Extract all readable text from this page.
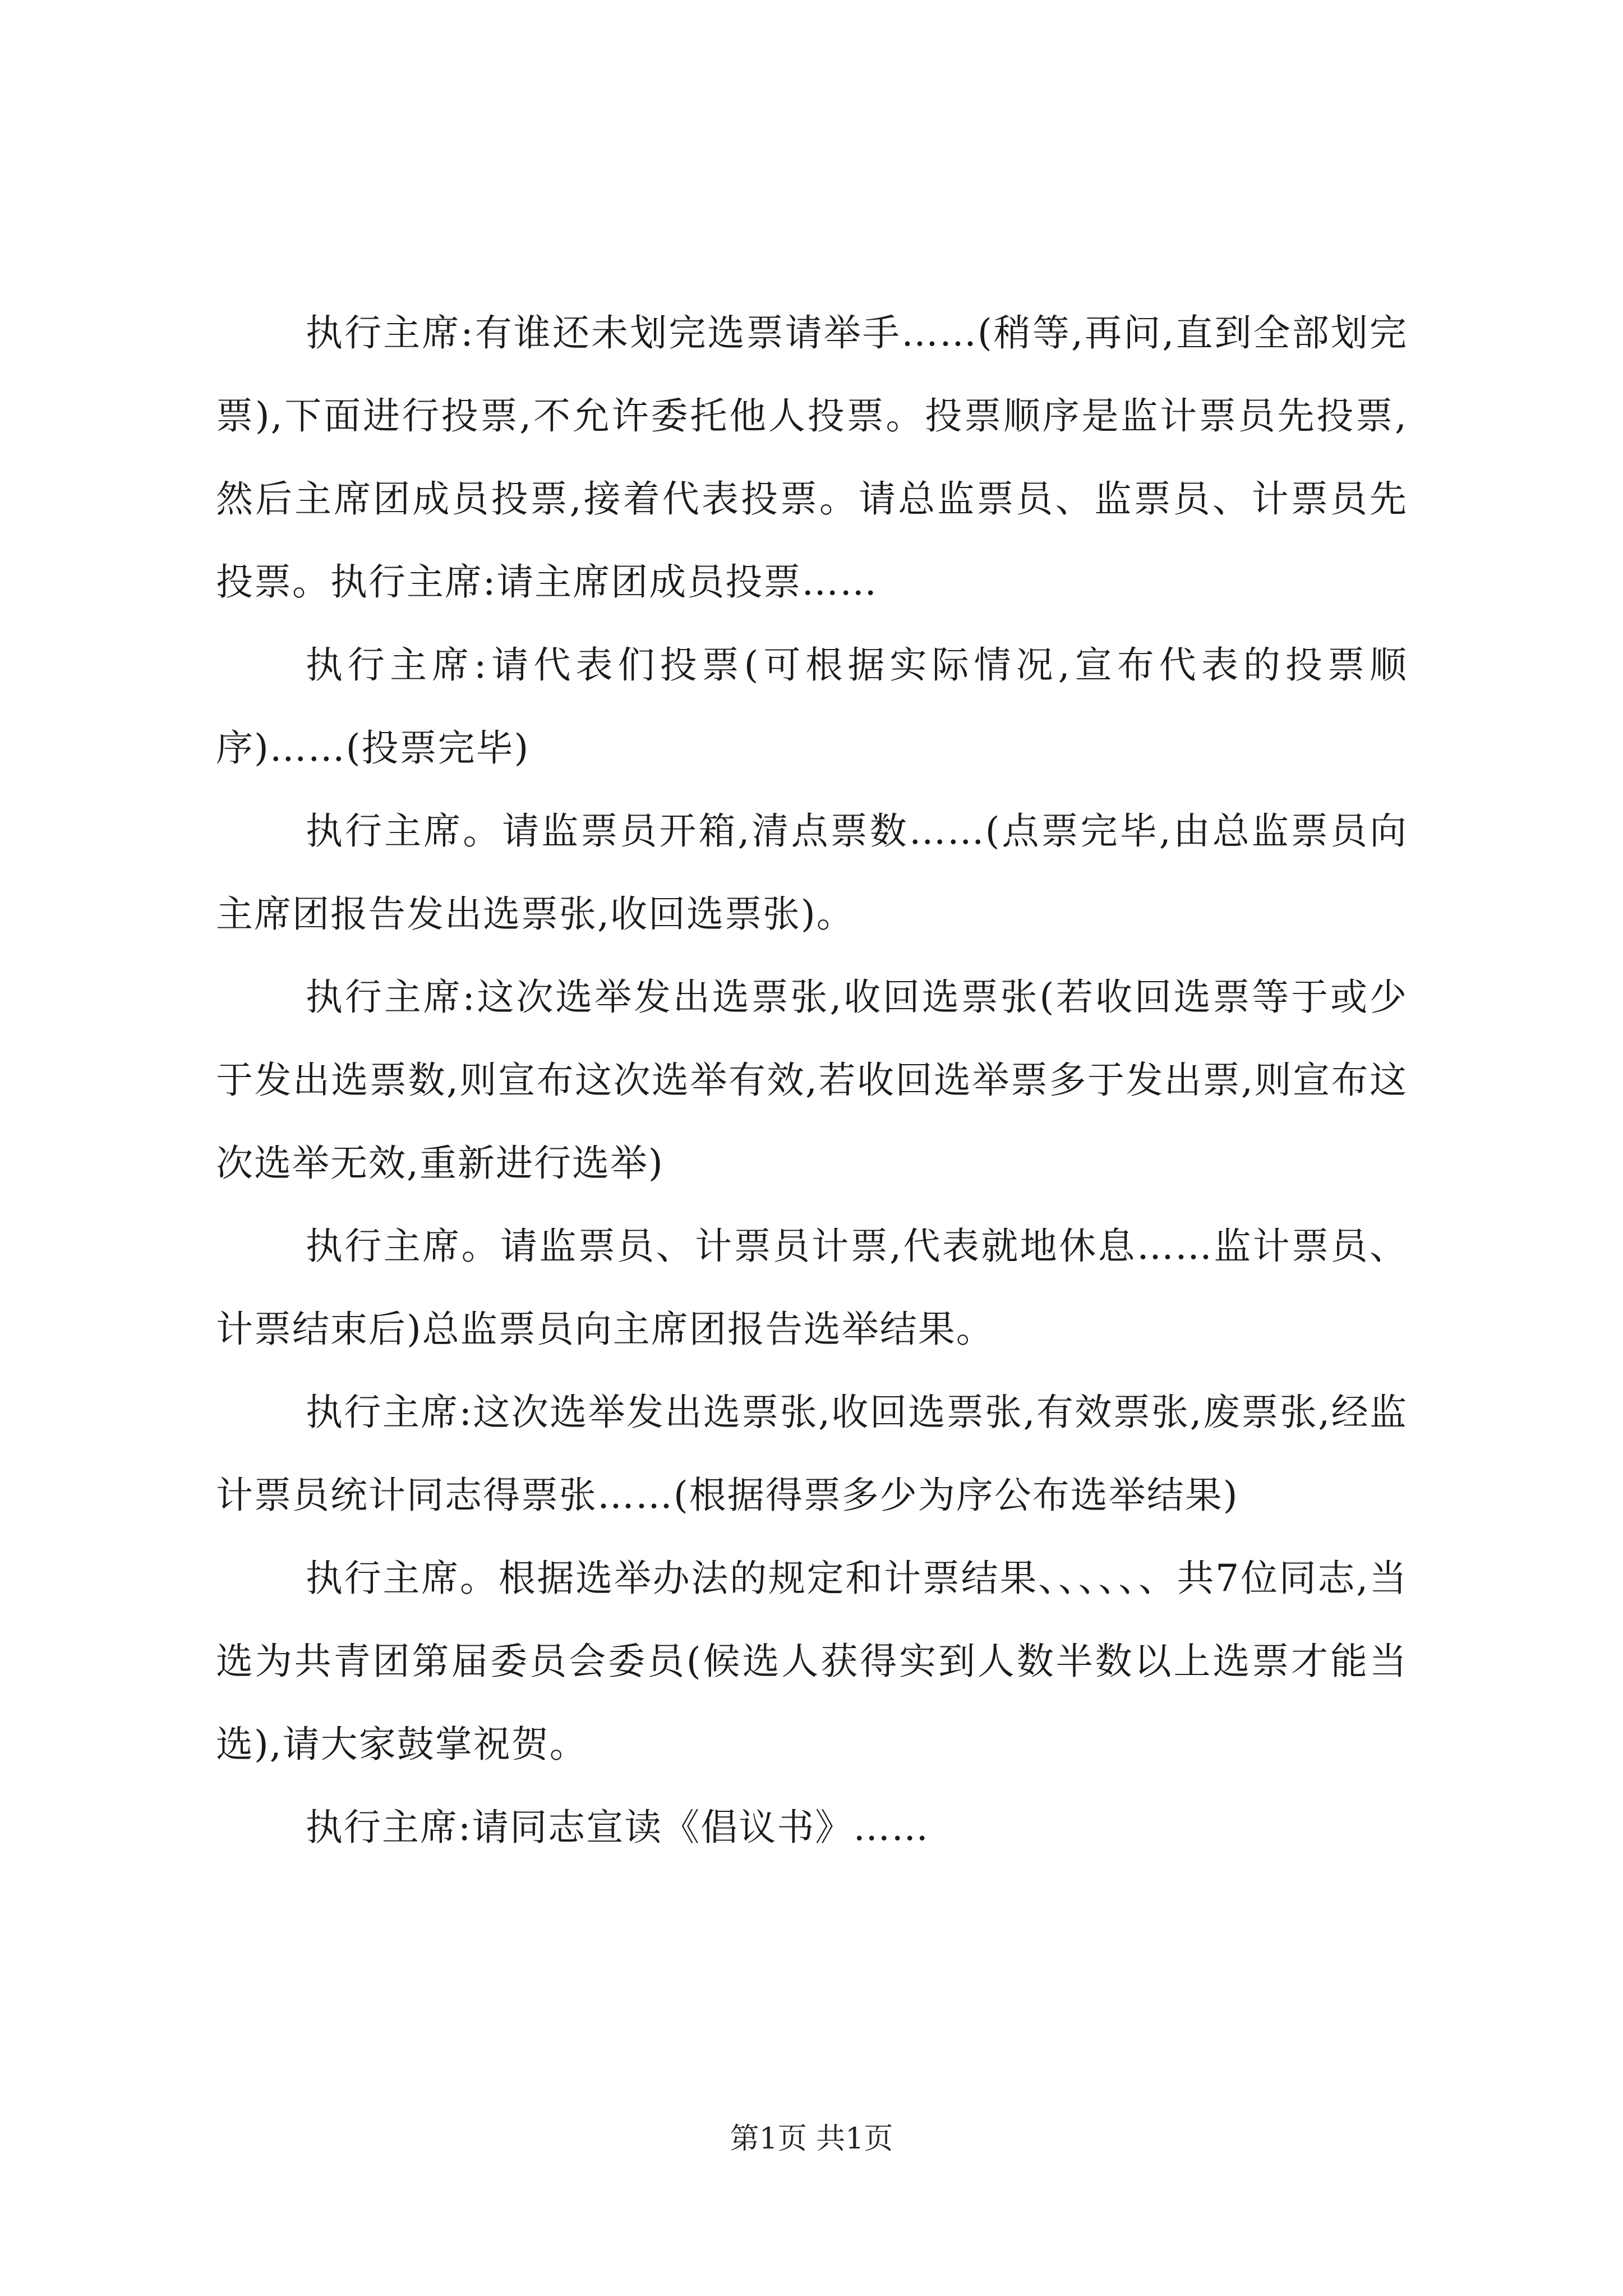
执行主席:有谁还未划完选票请举手……(稍等,再问,直到全部划完票),下面进行投票,不允许委托他人投票。投票顺序是监计票员先投票,然后主席团成员投票,接着代表投票。请总监票员、监票员、计票员先投票。执行主席:请主席团成员投票……

执行主席:请代表们投票(可根据实际情况,宣布代表的投票顺序)……(投票完毕)

执行主席。请监票员开箱,清点票数……(点票完毕,由总监票员向主席团报告发出选票张,收回选票张)。

执行主席:这次选举发出选票张,收回选票张(若收回选票等于或少于发出选票数,则宣布这次选举有效,若收回选举票多于发出票,则宣布这次选举无效,重新进行选举)

执行主席。请监票员、计票员计票,代表就地休息……监计票员、计票结束后)总监票员向主席团报告选举结果。

执行主席:这次选举发出选票张,收回选票张,有效票张,废票张,经监计票员统计同志得票张……(根据得票多少为序公布选举结果)

执行主席。根据选举办法的规定和计票结果、、、、、、共7位同志,当选为共青团第届委员会委员(候选人获得实到人数半数以上选票才能当选),请大家鼓掌祝贺。

执行主席:请同志宣读《倡议书》……

第1页 共1页
